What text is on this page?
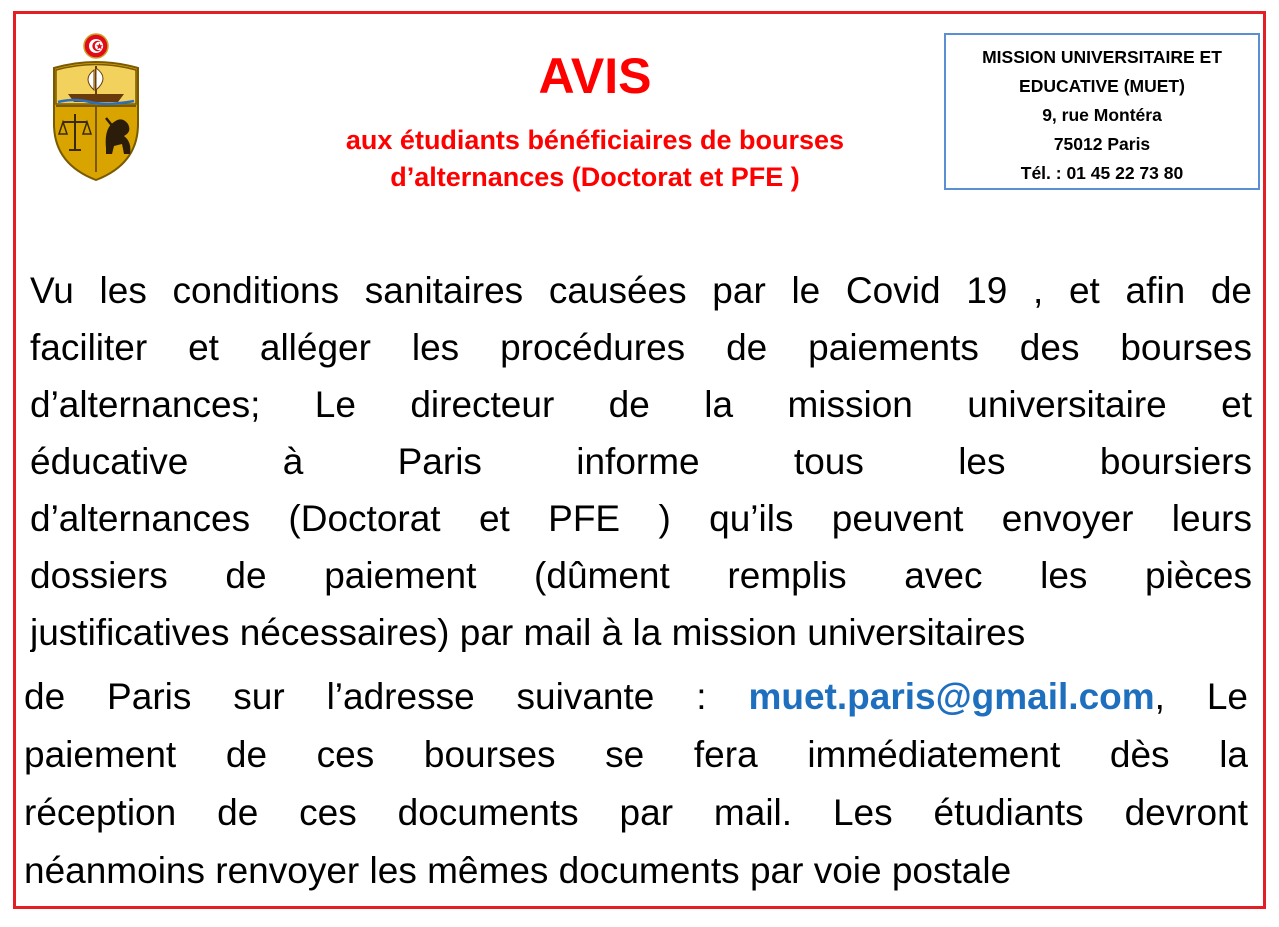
AVIS
aux étudiants bénéficiaires de bourses
d’alternances (Doctorat et PFE )
MISSION UNIVERSITAIRE ET
EDUCATIVE (MUET)
9, rue Montéra
75012 Paris
Tél. : 01 45 22 73 80
Vu les conditions sanitaires causées par le Covid 19 , et afin de
faciliter et alléger les procédures de paiements des bourses
d’alternances; Le directeur de la mission universitaire et
éducative à Paris informe tous les boursiers
d’alternances (Doctorat et PFE ) qu’ils peuvent envoyer leurs
dossiers de paiement (dûment remplis avec les pièces
justificatives nécessaires) par mail à la mission universitaires
de Paris sur l’adresse suivante : muet.paris@gmail.com, Le
paiement de ces bourses se fera immédiatement dès la
réception de ces documents par mail. Les étudiants devront
néanmoins renvoyer les mêmes documents par voie postale
